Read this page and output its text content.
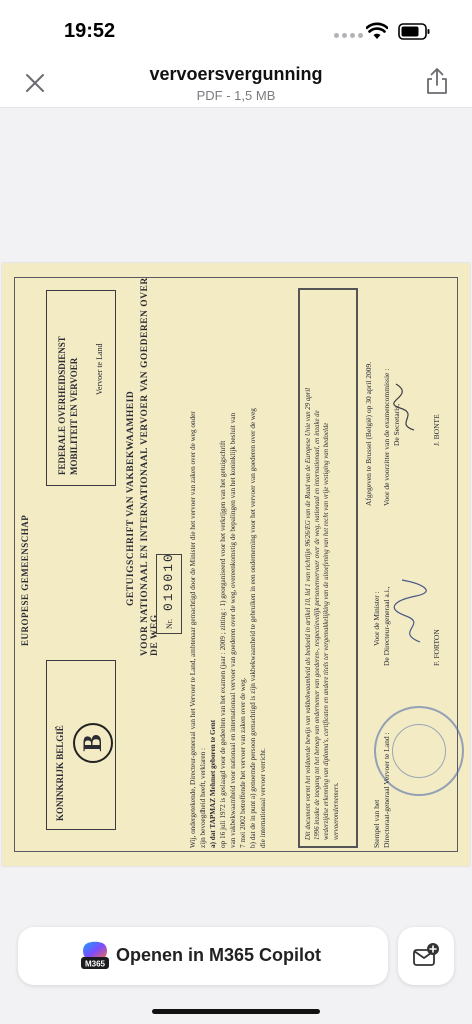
19:52
vervoersvergunning
PDF - 1,5 MB
EUROPESE GEMEENSCHAP
KONINKRIJK BELGIË B
FEDERALE OVERHEIDSDIENST MOBILITEIT EN VERVOER Vervoer te Land
GETUIGSCHRIFT VAN VAKBEKWAAMHEID VOOR NATIONAAL EN INTERNATIONAAL VERVOER VAN GOEDEREN OVER DE WEG Nr.
019010 Wij, ondergetekende, Directeur-generaal van het Vervoer te Land, ambtenaar gemachtigd door de Minister die het vervoer van zaken over de weg onder zijn bevoegdheid heeft, verklaren : a) dat TAPMAZ Mehmet geboren te Gent op 16 juli 1972 is geslaagd voor de gedeelten van het examen (jaar : 2009 ; zitting : 1) georganiseerd voor het verkrijgen van het getuigschrift van vakbekwaamheid voor nationaal en internationaal vervoer van goederen over de weg, overeenkomstig de bepalingen van het koninklijk besluit van 7 mei 2002 betreffende het vervoer van zaken over de weg. b) dat de in punt a) genoemde persoon gemachtigd is zijn vakbekwaamheid te gebruiken in een onderneming voor het vervoer van goederen over de weg die internationaal vervoer verricht.	Dit document vormt het voldoende bewijs van vakbekwaamheid als bedoeld in artikel 10, lid 1 van richtlijn 96/26/EG van de Raad van de Europese Unie van 29 april 1996 inzake de toegang tot het beroep van ondernemer van goederen-, respectievelijk personenvervoer over de weg, nationaal en internationaal, en inzake de wederzijdse erkenning van diploma's, certificaten en andere titels ter vergemakkelijking van de uitoefening van het recht van vrije vestiging van bedoelde vervoerondernemers.	Stempel van het Directoraat-generaal Vervoer te Land :

Voor de Minister : De Directeur-generaal a.i.,	F. FORTON

Afgegeven te Brussel (België) op 30 april 2009. Voor de voorzitter van de examencommissie : De Secretaris,	J. BONTE
M365 Openen in M365 Copilot
